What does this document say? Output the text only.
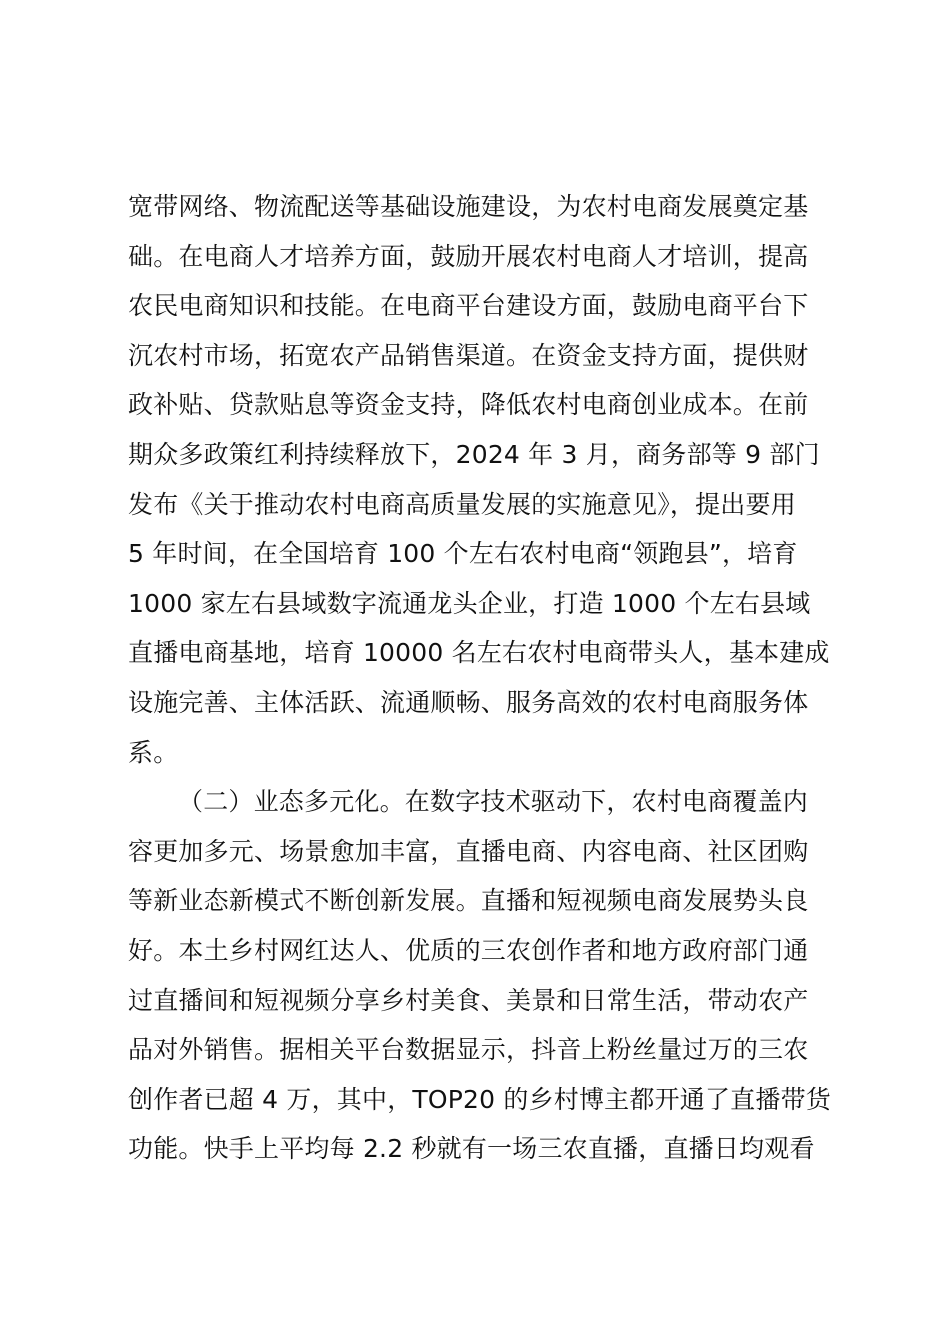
宽带网络、物流配送等基础设施建设，为农村电商发展奠定基
础。在电商人才培养方面，鼓励开展农村电商人才培训，提高
农民电商知识和技能。在电商平台建设方面，鼓励电商平台下
沉农村市场，拓宽农产品销售渠道。在资金支持方面，提供财
政补贴、贷款贴息等资金支持，降低农村电商创业成本。在前
期众多政策红利持续释放下，2024 年 3 月，商务部等 9 部门
发布《关于推动农村电商高质量发展的实施意见》，提出要用
5 年时间，在全国培育 100 个左右农村电商“领跑县”，培育
1000 家左右县域数字流通龙头企业，打造 1000 个左右县域
直播电商基地，培育 10000 名左右农村电商带头人，基本建成
设施完善、主体活跃、流通顺畅、服务高效的农村电商服务体
系。
（二）业态多元化。在数字技术驱动下，农村电商覆盖内
容更加多元、场景愈加丰富，直播电商、内容电商、社区团购
等新业态新模式不断创新发展。直播和短视频电商发展势头良
好。本土乡村网红达人、优质的三农创作者和地方政府部门通
过直播间和短视频分享乡村美食、美景和日常生活，带动农产
品对外销售。据相关平台数据显示，抖音上粉丝量过万的三农
创作者已超 4 万，其中，TOP20 的乡村博主都开通了直播带货
功能。快手上平均每 2.2 秒就有一场三农直播，直播日均观看
